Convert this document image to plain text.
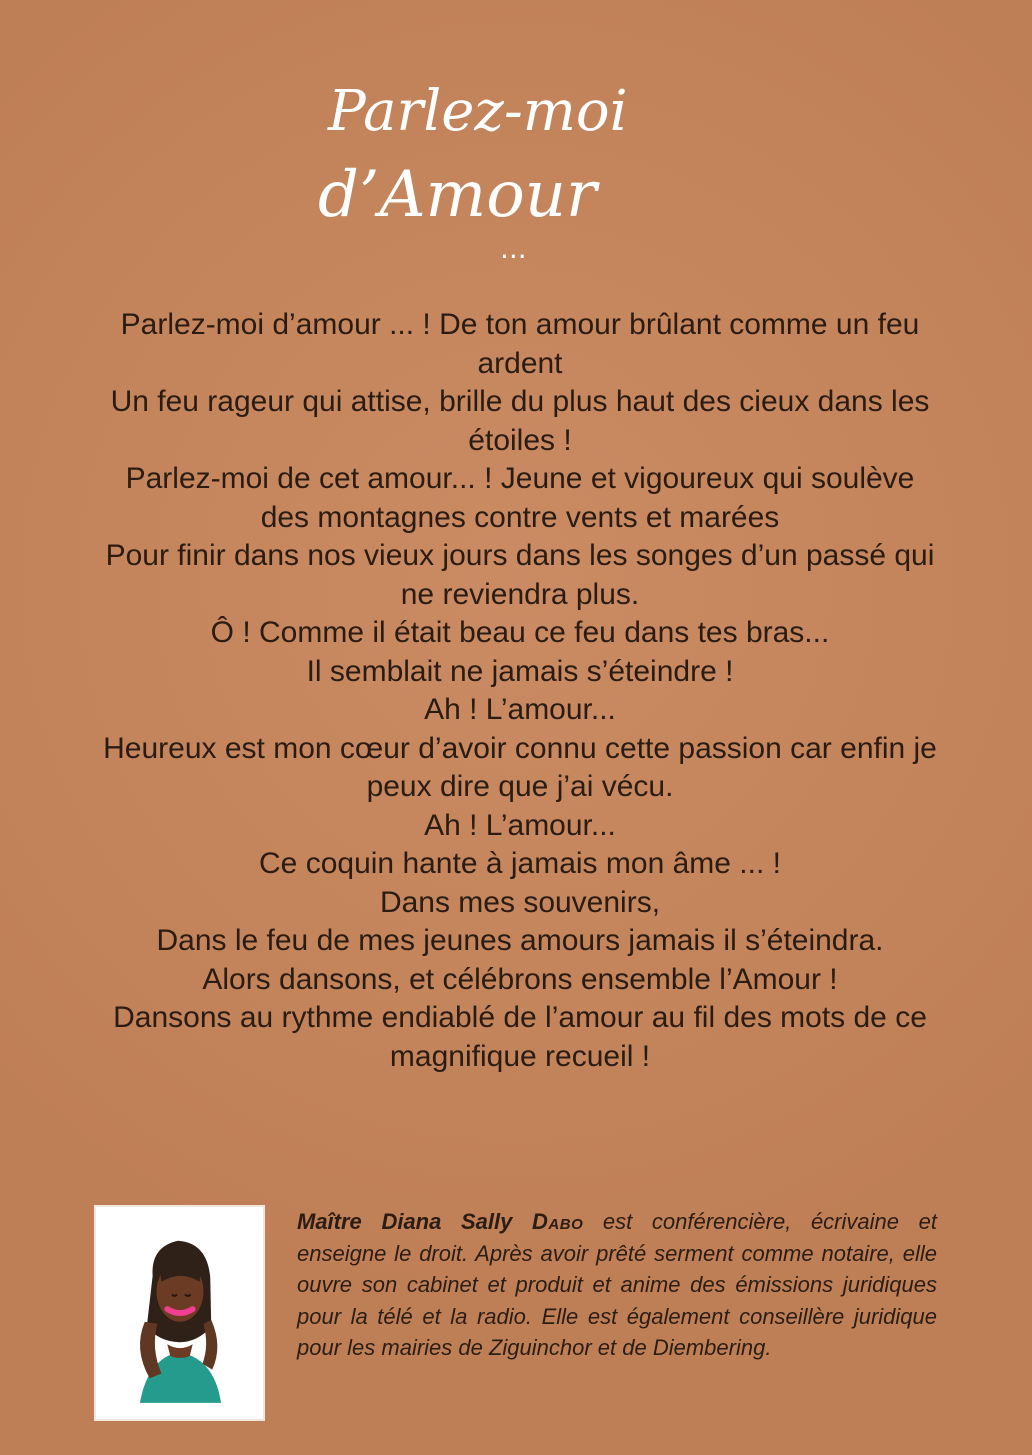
Parlez-moi
d’Amour
...

Parlez-moi d’amour ... ! De ton amour brûlant comme un feu ardent

Un feu rageur qui attise, brille du plus haut des cieux dans les étoiles !

Parlez-moi de cet amour... ! Jeune et vigoureux qui soulève des montagnes contre vents et marées

Pour finir dans nos vieux jours dans les songes d’un passé qui ne reviendra plus.

Ô ! Comme il était beau ce feu dans tes bras...

Il semblait ne jamais s’éteindre !

Ah ! L’amour...

Heureux est mon cœur d’avoir connu cette passion car enfin je peux dire que j’ai vécu.

Ah ! L’amour...

Ce coquin hante à jamais mon âme ... !

Dans mes souvenirs,

Dans le feu de mes jeunes amours jamais il s’éteindra.

Alors dansons, et célébrons ensemble l’Amour !

Dansons au rythme endiablé de l’amour au fil des mots de ce magnifique recueil !

Maître Diana Sally Dabo est conférencière, écrivaine et enseigne le droit. Après avoir prêté serment comme notaire, elle ouvre son cabinet et produit et anime des émissions juridiques pour la télé et la radio. Elle est également conseillère juridique pour les mairies de Ziguinchor et de Diembering.
